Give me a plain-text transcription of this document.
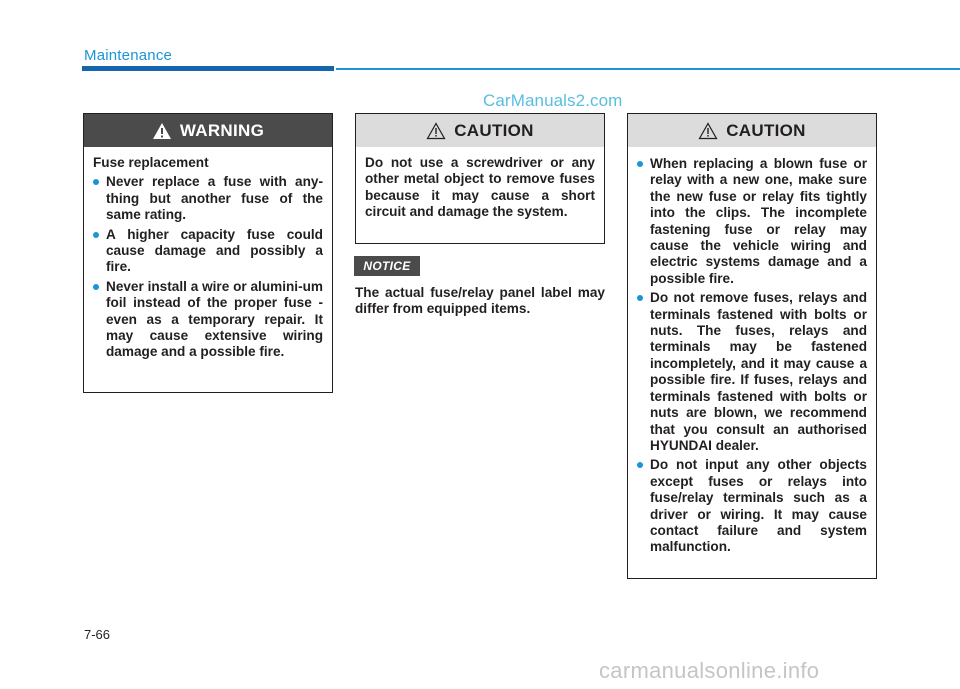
Maintenance
CarManuals2.com
WARNING

Fuse replacement

Never replace a fuse with any-thing but another fuse of the same rating.
A higher capacity fuse could cause damage and possibly a fire.
Never install a wire or alumini-um foil instead of the proper fuse - even as a temporary repair. It may cause extensive wiring damage and a possible fire.
CAUTION

Do not use a screwdriver or any other metal object to remove fuses because it may cause a short circuit and damage the system.

NOTICE
The actual fuse/relay panel label may differ from equipped items.
CAUTION
When replacing a blown fuse or relay with a new one, make sure the new fuse or relay fits tightly into the clips. The incomplete fastening fuse or relay may cause the vehicle wiring and electric systems damage and a possible fire.
Do not remove fuses, relays and terminals fastened with bolts or nuts. The fuses, relays and terminals may be fastened incompletely, and it may cause a possible fire. If fuses, relays and terminals fastened with bolts or nuts are blown, we recommend that you consult an authorised HYUNDAI dealer.
Do not input any other objects except fuses or relays into fuse/relay terminals such as a driver or wiring. It may cause contact failure and system malfunction.
7-66
carmanualsonline.info
